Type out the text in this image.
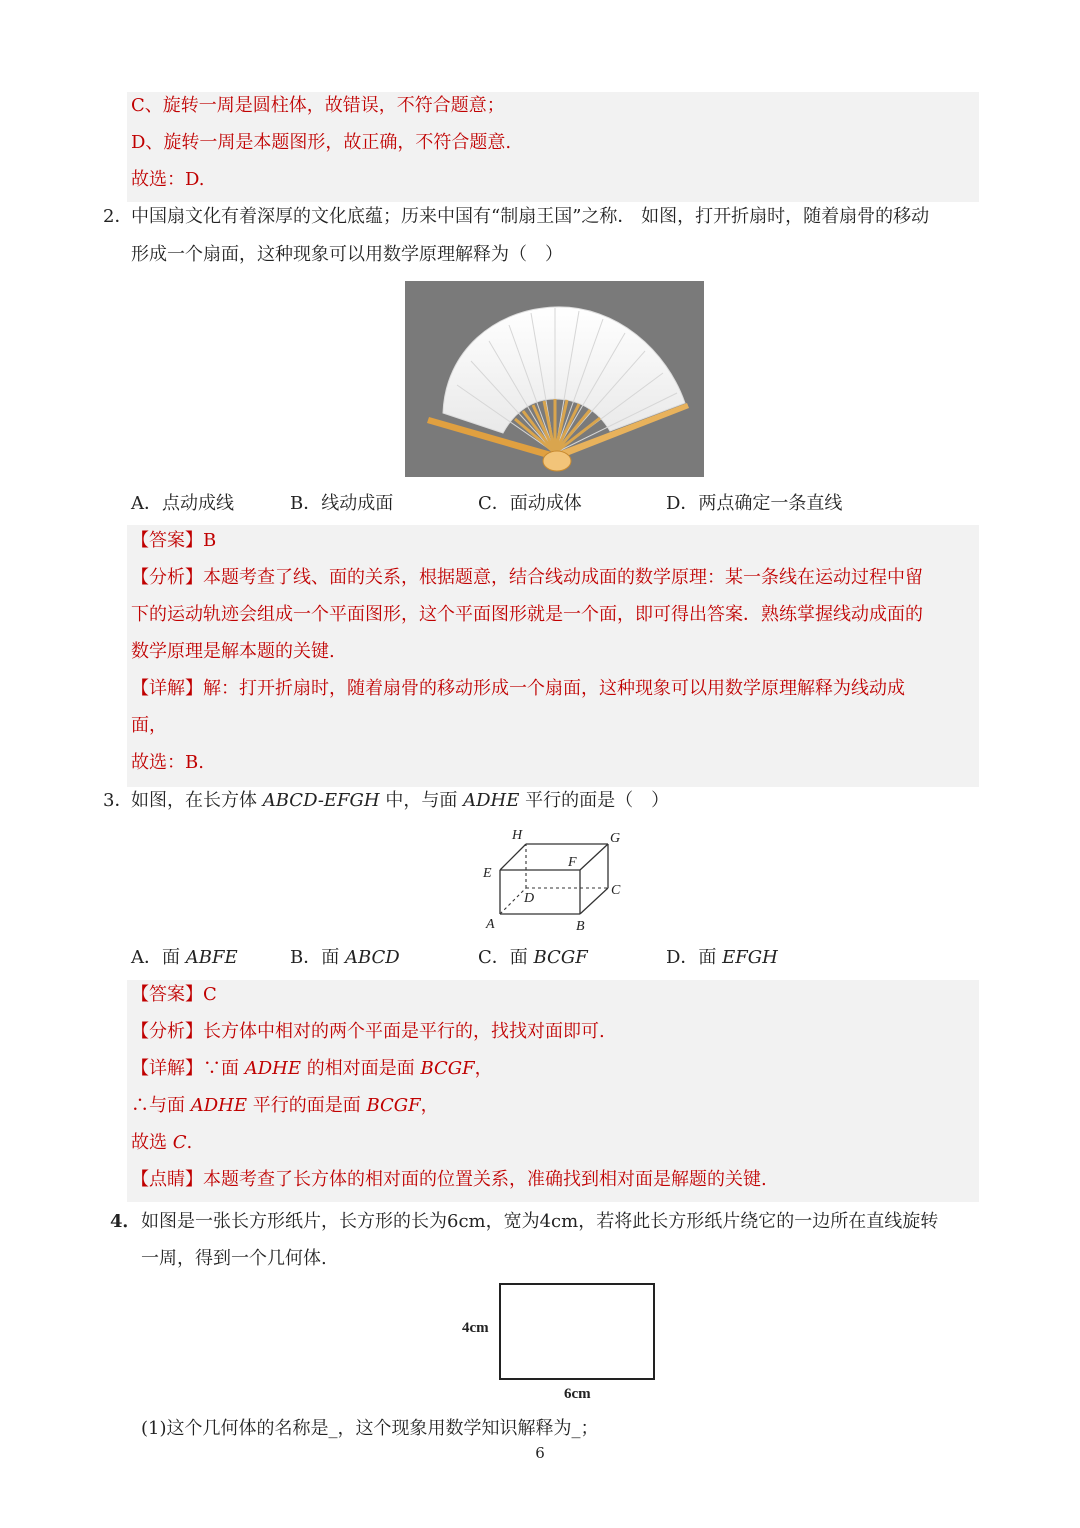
C、旋转一周是圆柱体，故错误，不符合题意；
D、旋转一周是本题图形，故正确，不符合题意.
故选：D.
2．
中国扇文化有着深厚的文化底蕴；历来中国有“制扇王国”之称． 如图，打开折扇时，随着扇骨的移动
形成一个扇面，这种现象可以用数学原理解释为（　）
A．点动成线	B．线动成面	C．面动成体	D．两点确定一条直线
【答案】B
【分析】本题考查了线、面的关系，根据题意，结合线动成面的数学原理：某一条线在运动过程中留
下的运动轨迹会组成一个平面图形，这个平面图形就是一个面，即可得出答案．熟练掌握线动成面的
数学原理是解本题的关键.
【详解】解：打开折扇时，随着扇骨的移动形成一个扇面，这种现象可以用数学原理解释为线动成
面，
故选：B.
3．
如图，在长方体 ABCD-EFGH 中，与面 ADHE 平行的面是（　）
H	G
E
F
D
C
A	B
A．面 ABFE	B．面 ABCD	C．面 BCGF	D．面 EFGH
【答案】C
【分析】长方体中相对的两个平面是平行的，找找对面即可.
【详解】∵面 ADHE 的相对面是面 BCGF，
∴与面 ADHE 平行的面是面 BCGF，
故选 C.
【点睛】本题考查了长方体的相对面的位置关系，准确找到相对面是解题的关键.
4． 如图是一张长方形纸片，长方形的长为6cm，宽为4cm，若将此长方形纸片绕它的一边所在直线旋转
一周，得到一个几何体.
4cm
6cm
(1)这个几何体的名称是_，这个现象用数学知识解释为_；
6
